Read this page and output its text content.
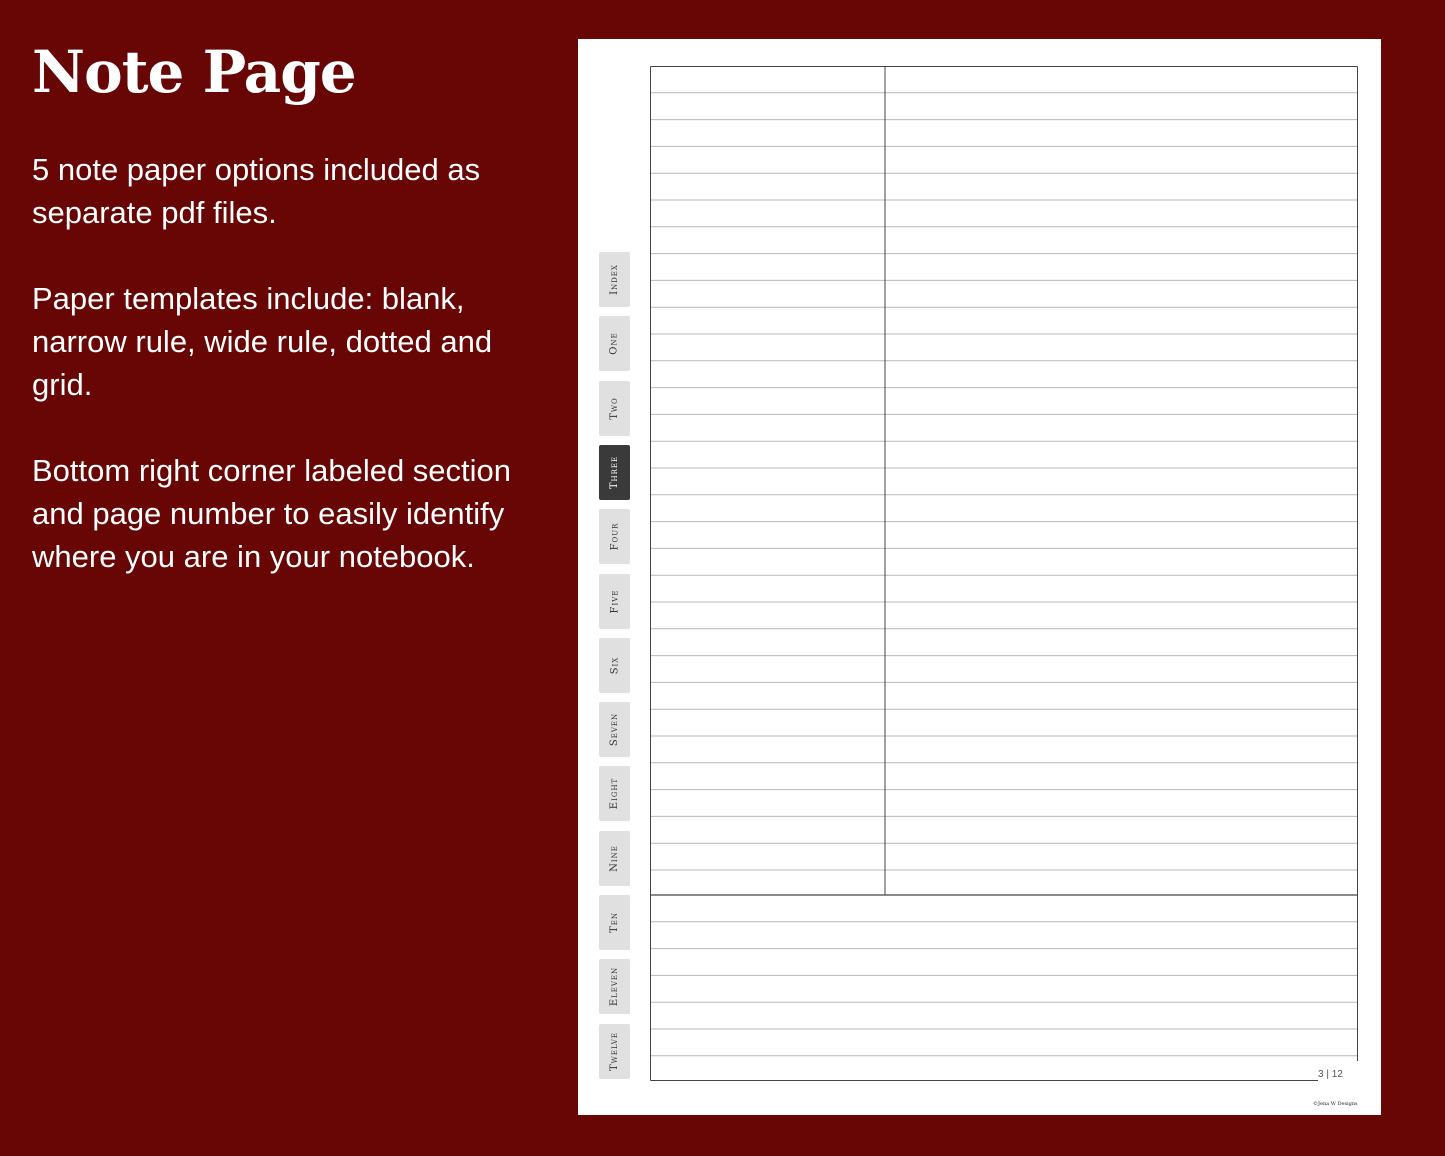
Note Page

5 note paper options included as separate pdf files.

Paper templates include: blank, narrow rule, wide rule, dotted and grid.

Bottom right corner labeled section and page number to easily identify where you are in your notebook.

Index
One
Two
Three
Four
Five
Six
Seven
Eight
Nine
Ten
Eleven
Twelve
3 | 12
©Jena W Designs
